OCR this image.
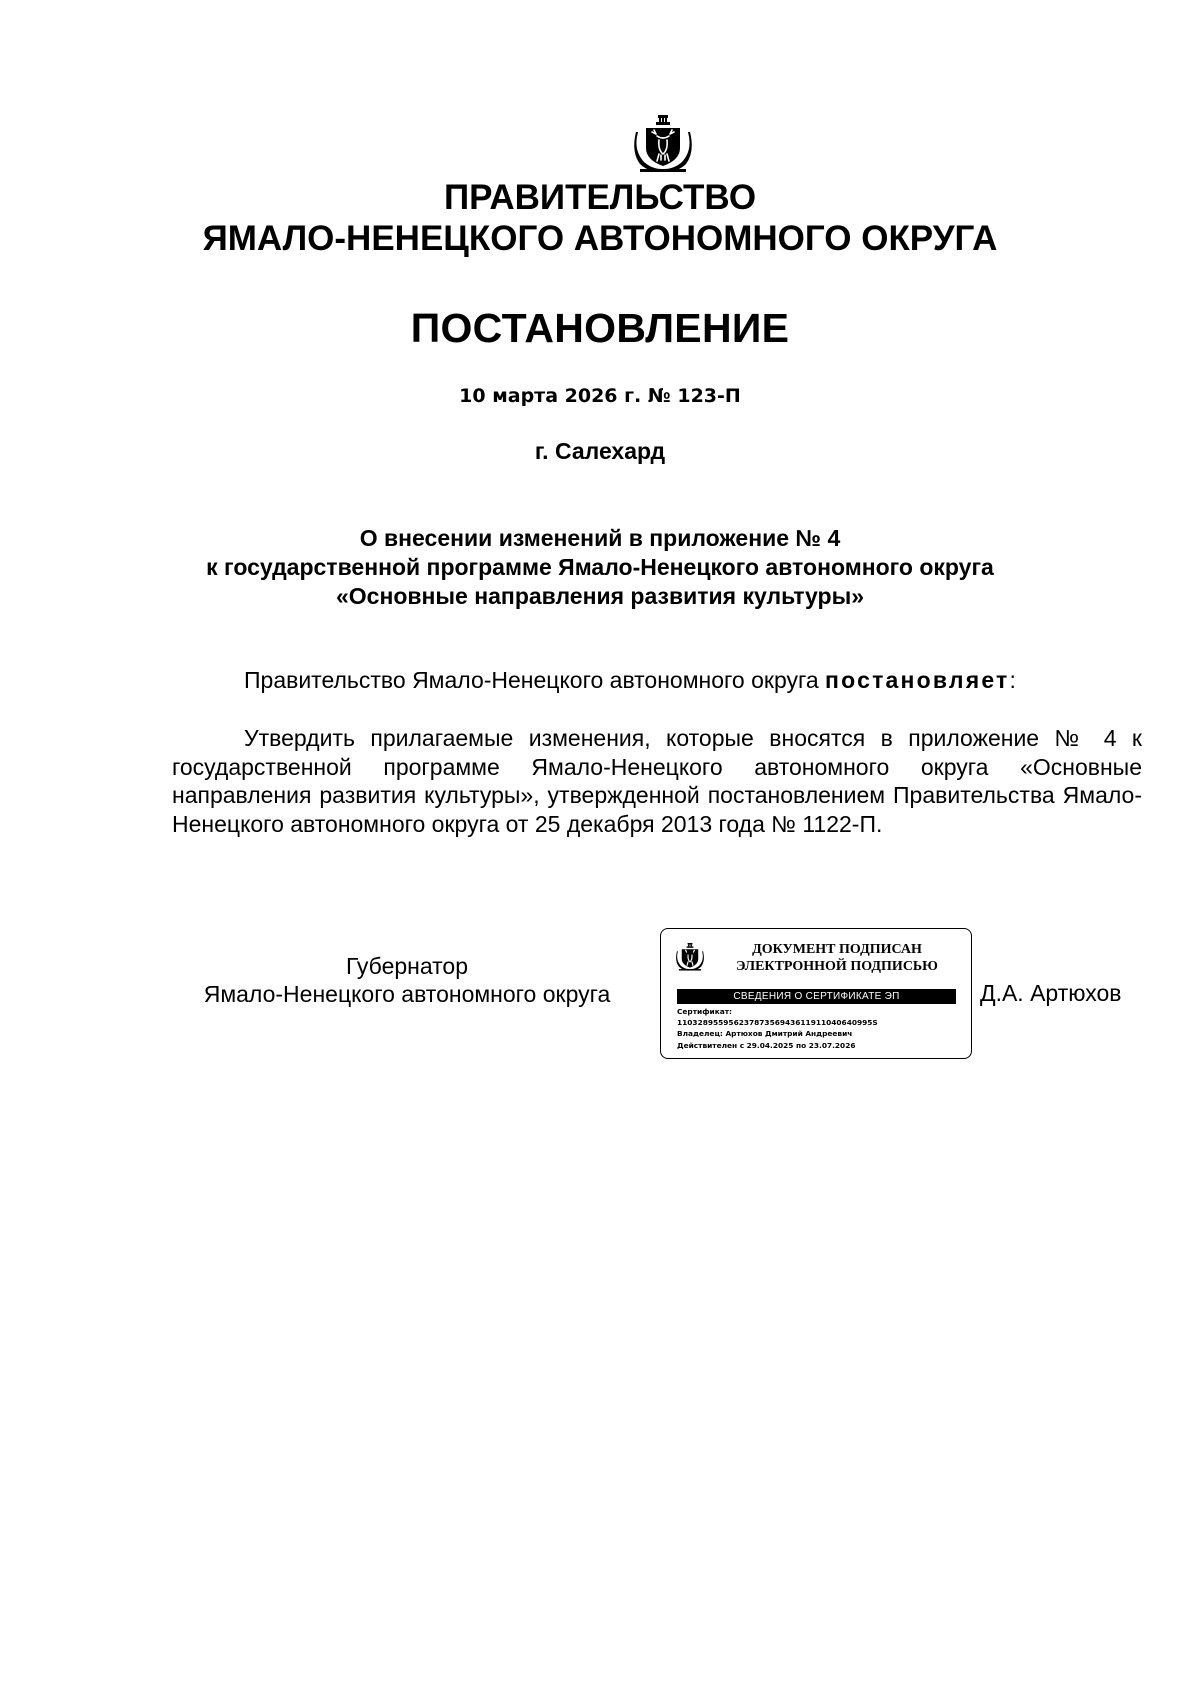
ПРАВИТЕЛЬСТВО
ЯМАЛО-НЕНЕЦКОГО АВТОНОМНОГО ОКРУГА
ПОСТАНОВЛЕНИЕ
10 марта 2026 г. № 123-П
г. Салехард
О внесении изменений в приложение № 4
к государственной программе Ямало-Ненецкого автономного округа
«Основные направления развития культуры»

Правительство Ямало-Ненецкого автономного округа постановляет:

Утвердить прилагаемые изменения, которые вносятся в приложение № 4 к государственной программе Ямало-Ненецкого автономного округа «Основные направления развития культуры», утвержденной постановлением Правительства Ямало-Ненецкого автономного округа от 25 декабря 2013 года № 1122-П.

Губернатор
Ямало-Ненецкого автономного округа
ДОКУМЕНТ ПОДПИСАН
ЭЛЕКТРОННОЙ ПОДПИСЬЮ
СВЕДЕНИЯ О СЕРТИФИКАТЕ ЭП
Сертификат:
11032895595623787356943611911040640995S
Владелец: Артюхов Дмитрий Андреевич
Действителен с 29.04.2025 по 23.07.2026
Д.А. Артюхов
